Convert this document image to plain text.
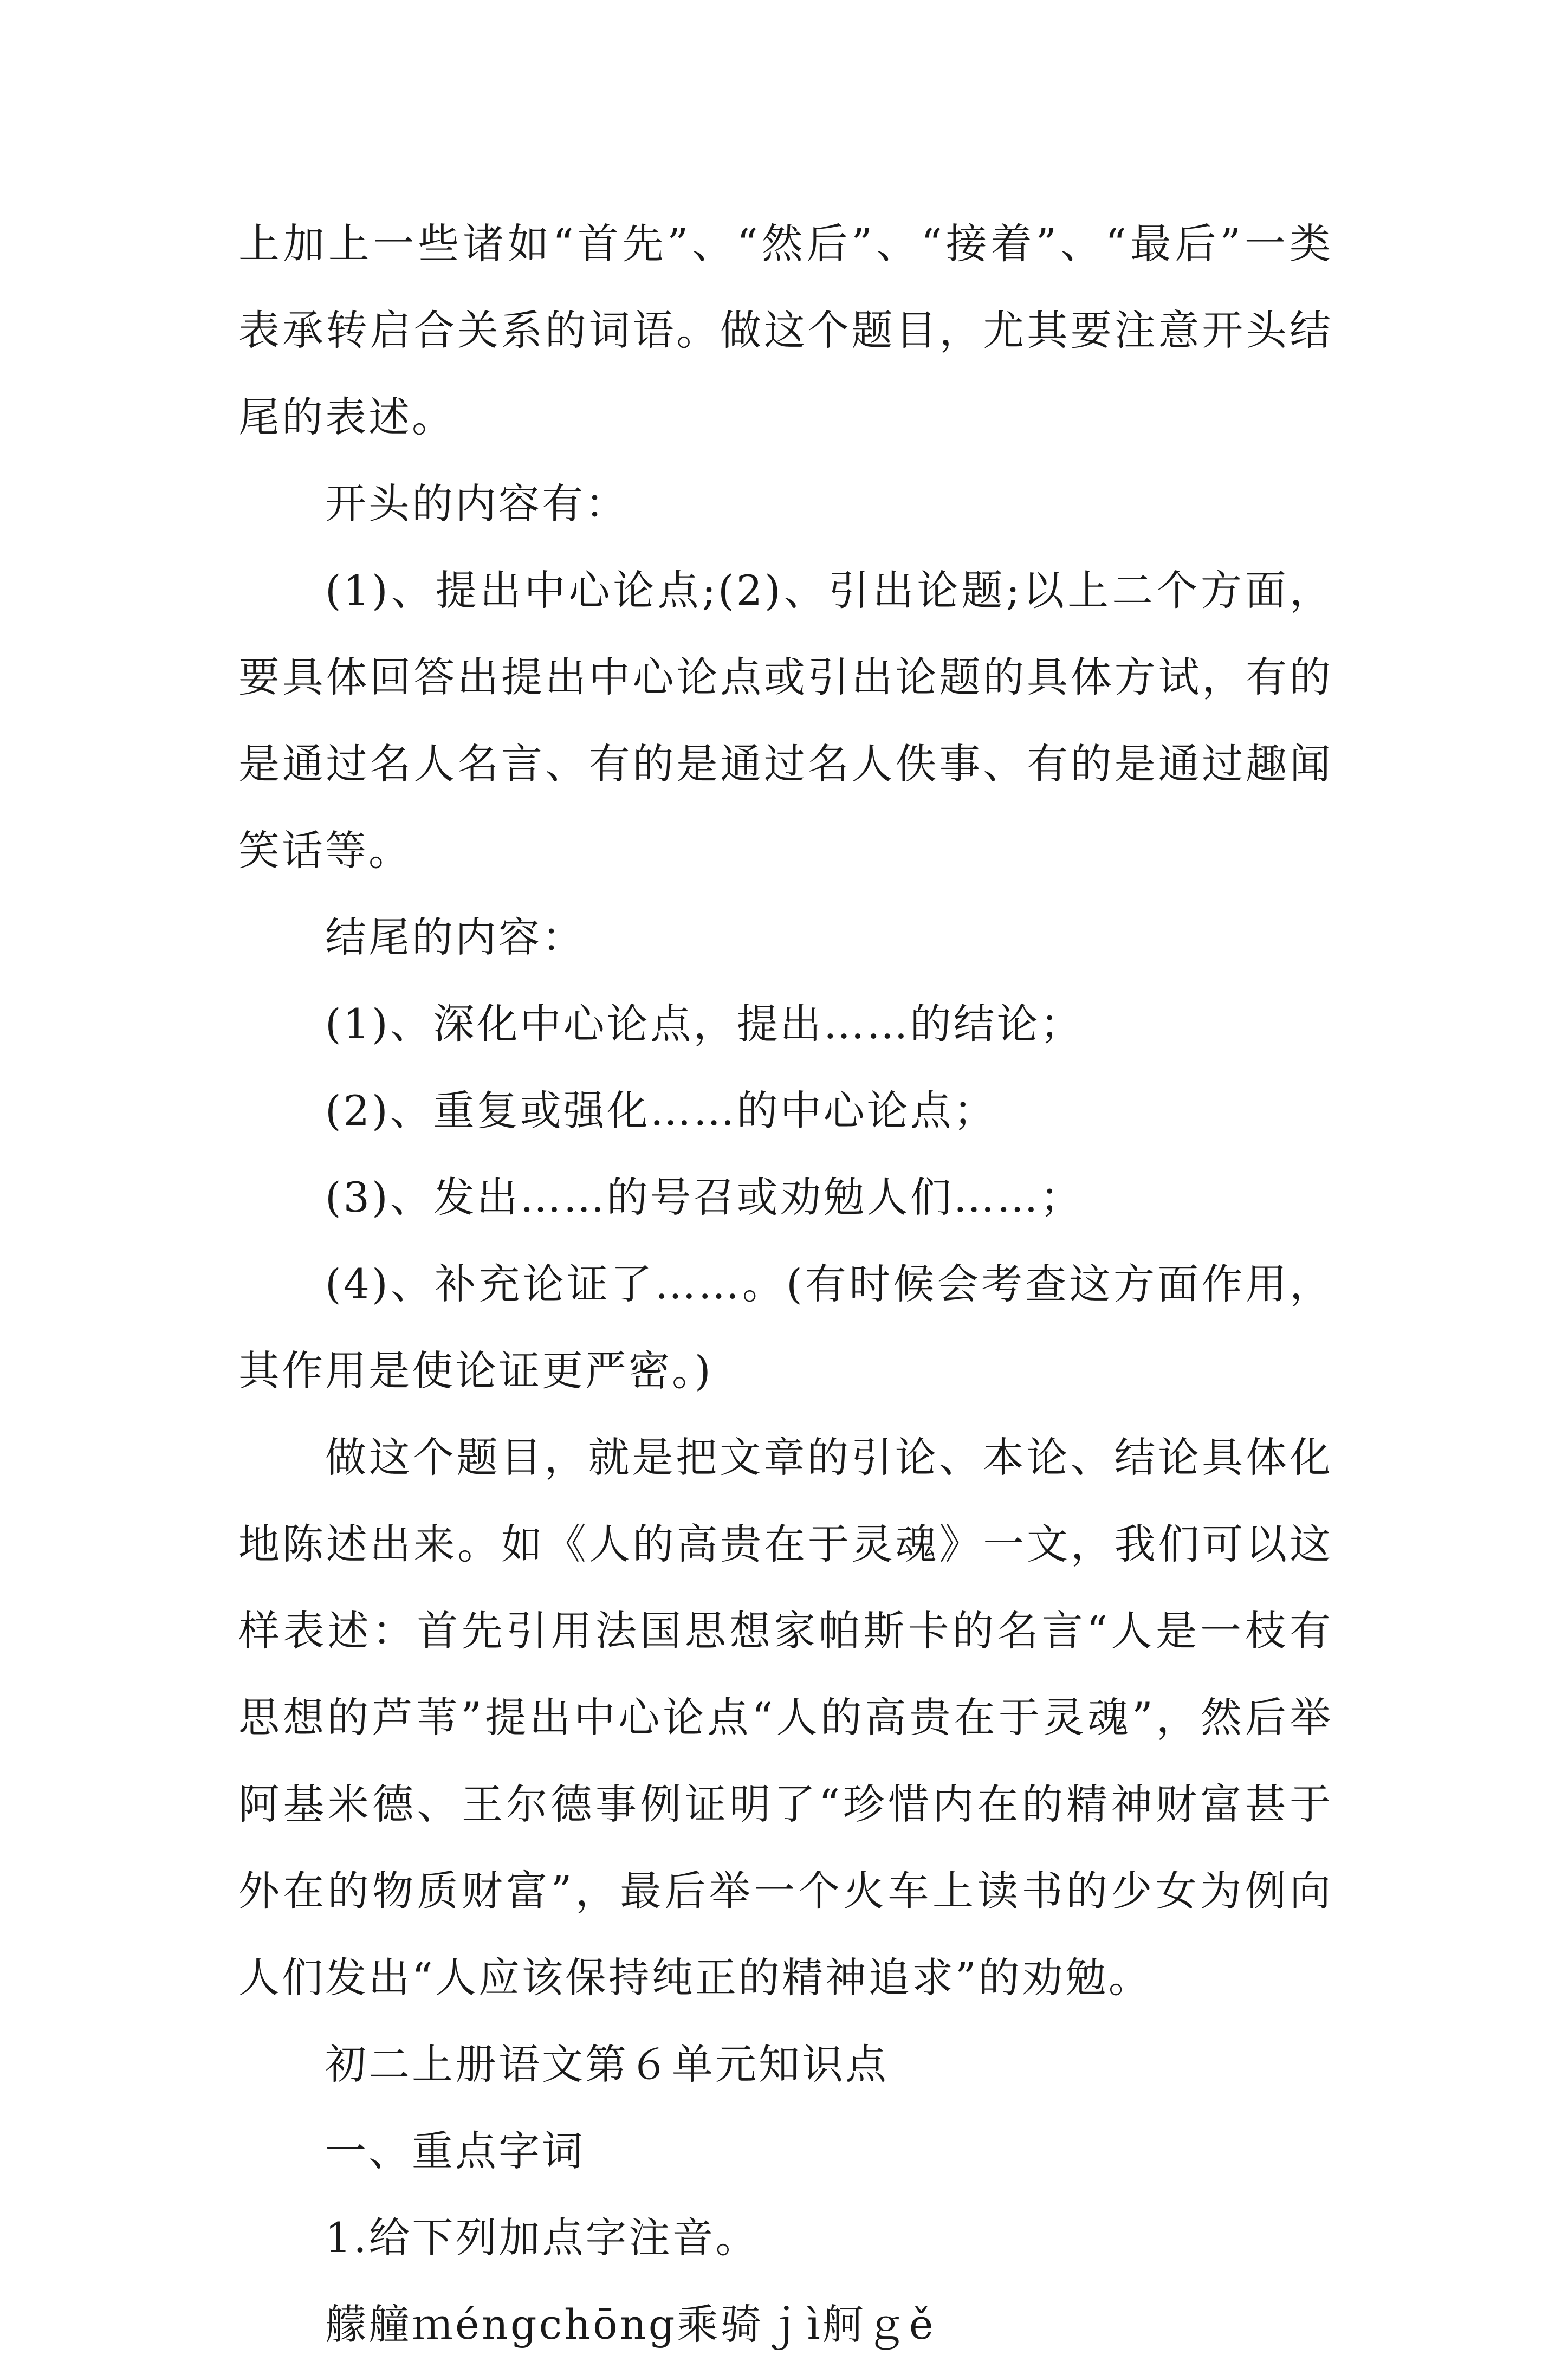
上加上一些诸如“首先”、“然后”、“接着”、“最后”一类表承转启合关系的词语。做这个题目，尤其要注意开头结尾的表述。

开头的内容有：

(1)、提出中心论点;(2)、引出论题;以上二个方面，要具体回答出提出中心论点或引出论题的具体方试，有的是通过名人名言、有的是通过名人佚事、有的是通过趣闻笑话等。

结尾的内容：

(1)、深化中心论点，提出……的结论；

(2)、重复或强化……的中心论点；

(3)、发出……的号召或劝勉人们……；

(4)、补充论证了……。(有时候会考查这方面作用，其作用是使论证更严密。)

做这个题目，就是把文章的引论、本论、结论具体化地陈述出来。如《人的高贵在于灵魂》一文，我们可以这样表述：首先引用法国思想家帕斯卡的名言“人是一枝有思想的芦苇”提出中心论点“人的高贵在于灵魂”，然后举阿基米德、王尔德事例证明了“珍惜内在的精神财富甚于外在的物质财富”，最后举一个火车上读书的少女为例向人们发出“人应该保持纯正的精神追求”的劝勉。

初二上册语文第６单元知识点

一、重点字词

1.给下列加点字注音。

艨艟ｍéngchōng乘骑ｊì舸ｇě
